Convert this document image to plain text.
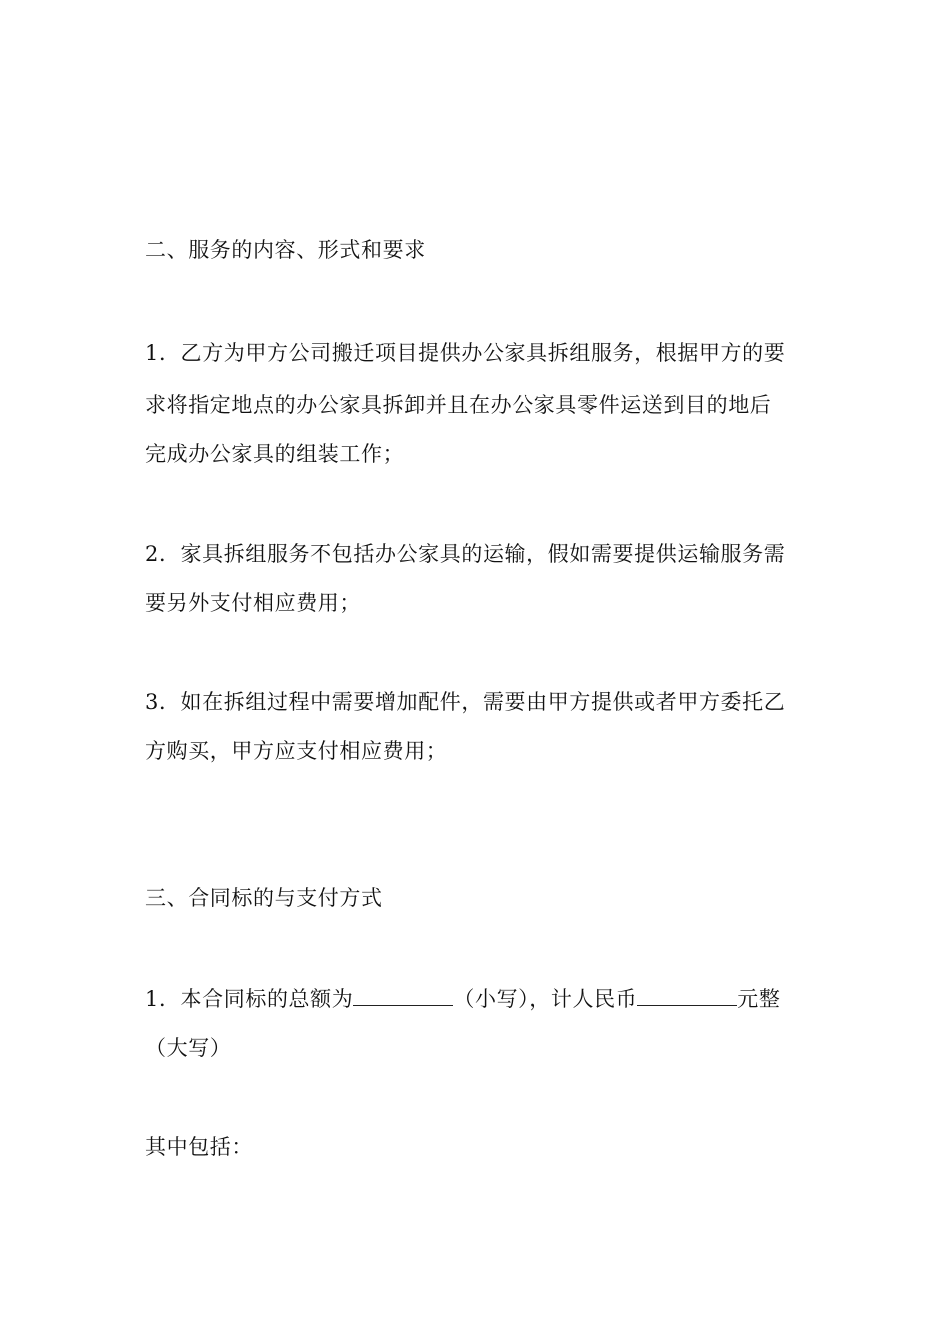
二、服务的内容、形式和要求
1．乙方为甲方公司搬迁项目提供办公家具拆组服务，根据甲方的要
求将指定地点的办公家具拆卸并且在办公家具零件运送到目的地后
完成办公家具的组装工作；
2．家具拆组服务不包括办公家具的运输，假如需要提供运输服务需
要另外支付相应费用；
3．如在拆组过程中需要增加配件，需要由甲方提供或者甲方委托乙
方购买，甲方应支付相应费用；
三、合同标的与支付方式
1．本合同标的总额为	（小写），计人民币	元整
（大写）
其中包括：
